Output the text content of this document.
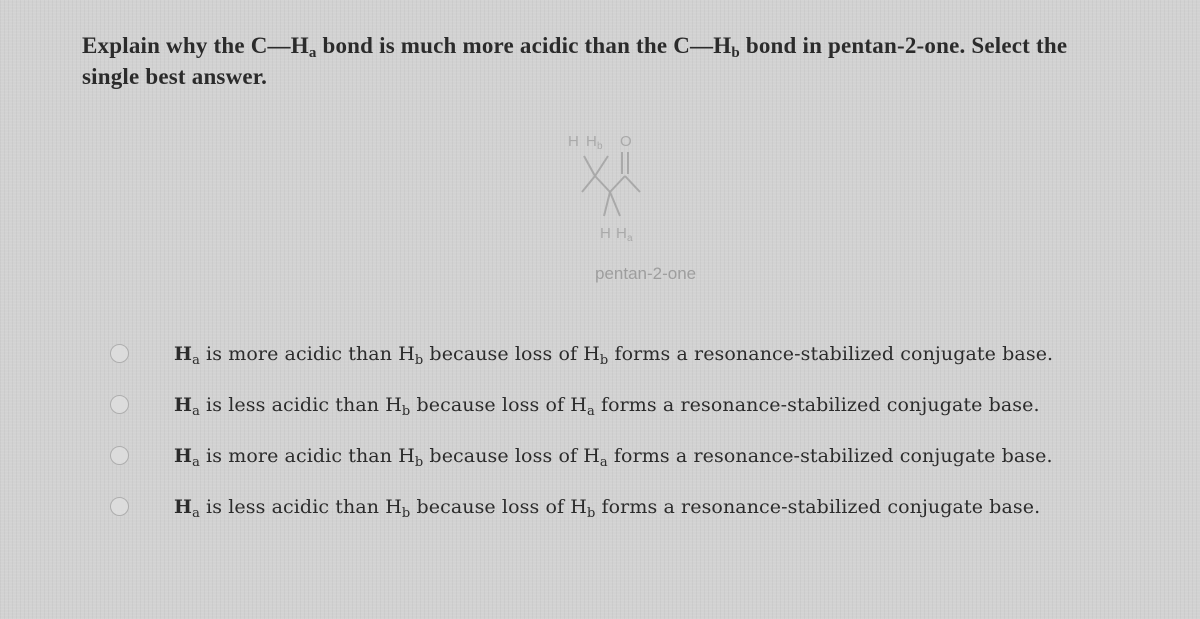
Explain why the $C—H_a$ bond is much more acidic than the $C—H_b$ bond in pentan-2-one. Select the
single best answer.
H H b O
H H a
pentan-2-one
$H_a$ is more acidic than $H_b$ because loss of $H_b$ forms a resonance-stabilized conjugate base.
$H_a$ is less acidic than $H_b$ because loss of $H_a$ forms a resonance-stabilized conjugate base.
$H_a$ is more acidic than $H_b$ because loss of $H_a$ forms a resonance-stabilized conjugate base.
$H_a$ is less acidic than $H_b$ because loss of $H_b$ forms a resonance-stabilized conjugate base.
